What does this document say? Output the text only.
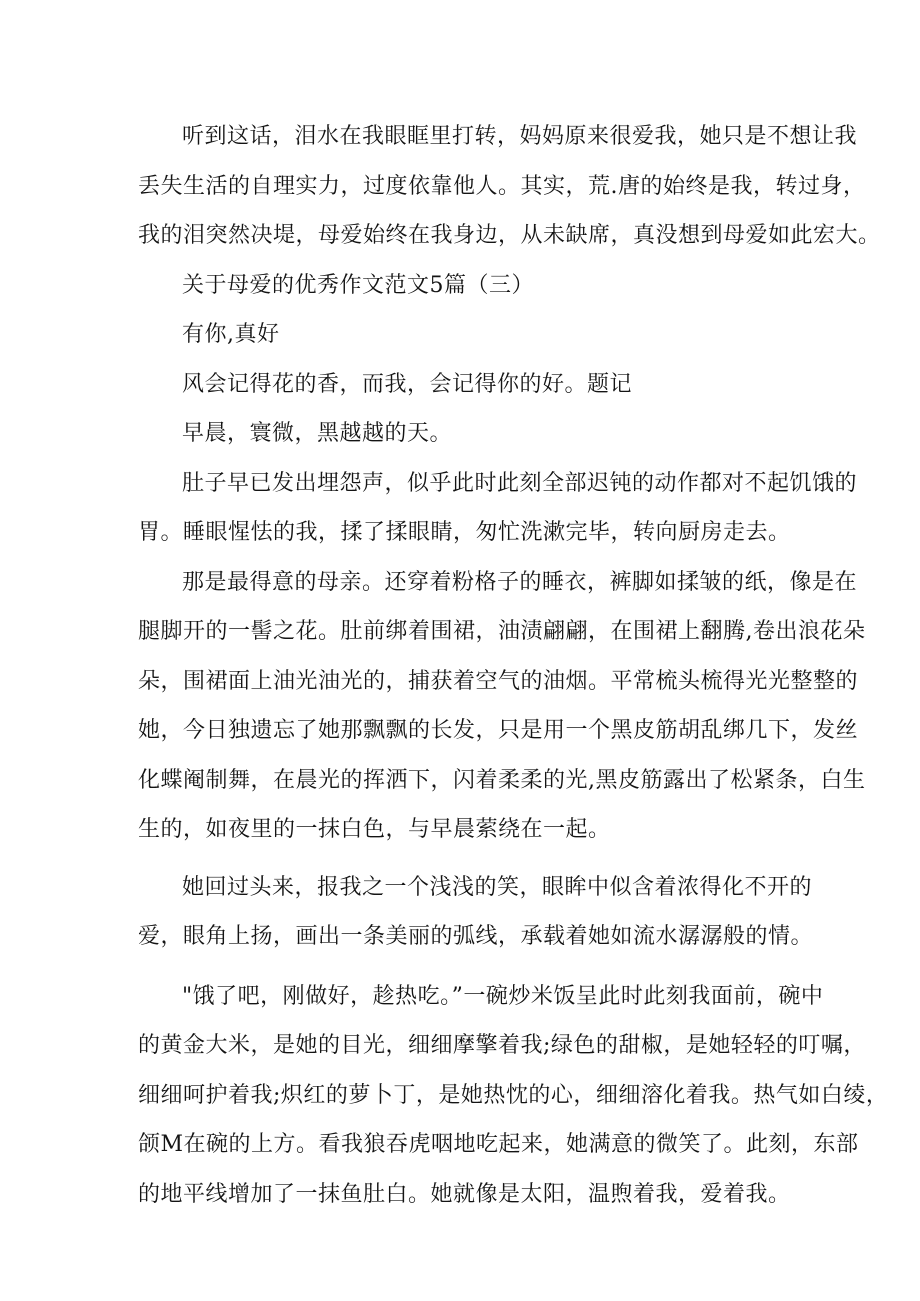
听到这话，泪水在我眼眶里打转，妈妈原来很爱我，她只是不想让我
丢失生活的自理实力，过度依靠他人。其实，荒.唐的始终是我，转过身，
我的泪突然决堤，母爱始终在我身边，从未缺席，真没想到母爱如此宏大。

关于母爱的优秀作文范文5篇（三）

有你,真好

风会记得花的香，而我，会记得你的好。题记

早晨，寰微，黑越越的天。

肚子早已发出埋怨声，似乎此时此刻全部迟钝的动作都对不起饥饿的
胃。睡眼惺怯的我，揉了揉眼睛，匆忙洗漱完毕，转向厨房走去。

那是最得意的母亲。还穿着粉格子的睡衣，裤脚如揉皱的纸，像是在
腿脚开的一髻之花。肚前绑着围裙，油渍翩翩，在围裙上翻腾,卷出浪花朵
朵，围裙面上油光油光的，捕获着空气的油烟。平常梳头梳得光光整整的
她，今日独遗忘了她那飘飘的长发，只是用一个黑皮筋胡乱绑几下，发丝
化蝶阉制舞，在晨光的挥洒下，闪着柔柔的光,黑皮筋露出了松紧条，白生
生的，如夜里的一抹白色，与早晨萦绕在一起。

她回过头来，报我之一个浅浅的笑，眼眸中似含着浓得化不开的
爱，眼角上扬，画出一条美丽的弧线，承载着她如流水潺潺般的情。

"饿了吧，刚做好，趁热吃。”一碗炒米饭呈此时此刻我面前，碗中
的黄金大米，是她的目光，细细摩擎着我;绿色的甜椒，是她轻轻的叮嘱，
细细呵护着我;炽红的萝卜丁，是她热忱的心，细细溶化着我。热气如白绫，
颌M在碗的上方。看我狼吞虎咽地吃起来，她满意的微笑了。此刻，东部
的地平线增加了一抹鱼肚白。她就像是太阳，温煦着我，爱着我。
